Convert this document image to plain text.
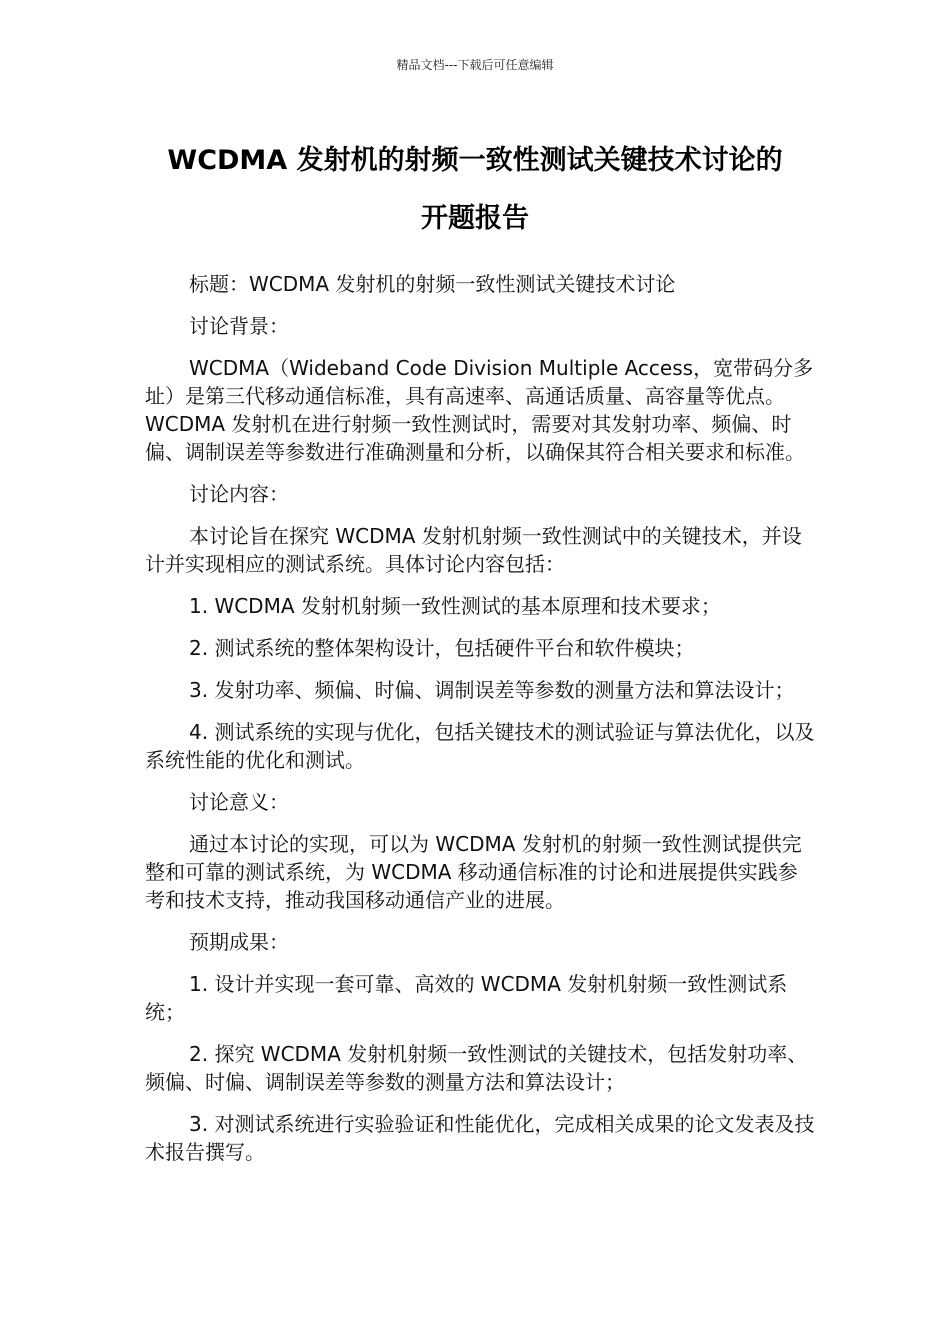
精品文档---下载后可任意编辑
WCDMA 发射机的射频一致性测试关键技术讨论的
开题报告

标题：WCDMA 发射机的射频一致性测试关键技术讨论

讨论背景：

WCDMA（Wideband Code Division Multiple Access，宽带码分多址）是第三代移动通信标准，具有高速率、高通话质量、高容量等优点。WCDMA 发射机在进行射频一致性测试时，需要对其发射功率、频偏、时偏、调制误差等参数进行准确测量和分析，以确保其符合相关要求和标准。

讨论内容：

本讨论旨在探究 WCDMA 发射机射频一致性测试中的关键技术，并设计并实现相应的测试系统。具体讨论内容包括：

1. WCDMA 发射机射频一致性测试的基本原理和技术要求；

2. 测试系统的整体架构设计，包括硬件平台和软件模块；

3. 发射功率、频偏、时偏、调制误差等参数的测量方法和算法设计；

4. 测试系统的实现与优化，包括关键技术的测试验证与算法优化，以及系统性能的优化和测试。

讨论意义：

通过本讨论的实现，可以为 WCDMA 发射机的射频一致性测试提供完整和可靠的测试系统，为 WCDMA 移动通信标准的讨论和进展提供实践参考和技术支持，推动我国移动通信产业的进展。

预期成果：

1. 设计并实现一套可靠、高效的 WCDMA 发射机射频一致性测试系统；

2. 探究 WCDMA 发射机射频一致性测试的关键技术，包括发射功率、频偏、时偏、调制误差等参数的测量方法和算法设计；

3. 对测试系统进行实验验证和性能优化，完成相关成果的论文发表及技术报告撰写。
